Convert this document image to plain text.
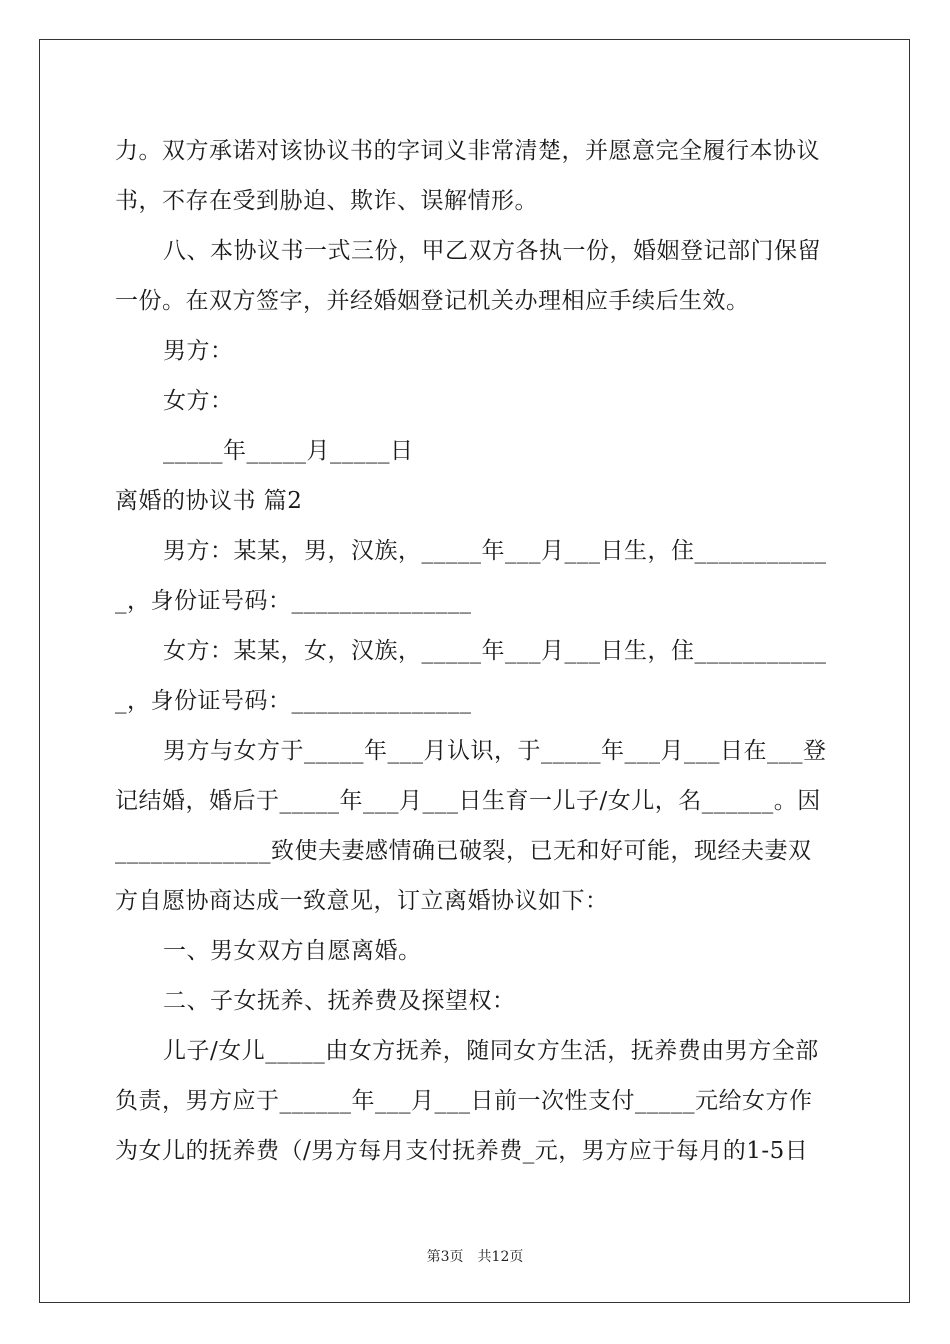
力。双方承诺对该协议书的字词义非常清楚，并愿意完全履行本协议
书，不存在受到胁迫、欺诈、误解情形。
八、本协议书一式三份，甲乙双方各执一份，婚姻登记部门保留
一份。在双方签字，并经婚姻登记机关办理相应手续后生效。
男方：
女方：
_____年_____月_____日
离婚的协议书 篇2
男方：某某，男，汉族，_____年___月___日生，住___________
_，身份证号码：_______________
女方：某某，女，汉族，_____年___月___日生，住___________
_，身份证号码：_______________
男方与女方于_____年___月认识，于_____年___月___日在___登
记结婚，婚后于_____年___月___日生育一儿子/女儿，名______。因
_____________致使夫妻感情确已破裂，已无和好可能，现经夫妻双
方自愿协商达成一致意见，订立离婚协议如下：
一、男女双方自愿离婚。
二、子女抚养、抚养费及探望权：
儿子/女儿_____由女方抚养，随同女方生活，抚养费由男方全部
负责，男方应于______年___月___日前一次性支付_____元给女方作
为女儿的抚养费（/男方每月支付抚养费_元，男方应于每月的1-5日
第3页 共12页
